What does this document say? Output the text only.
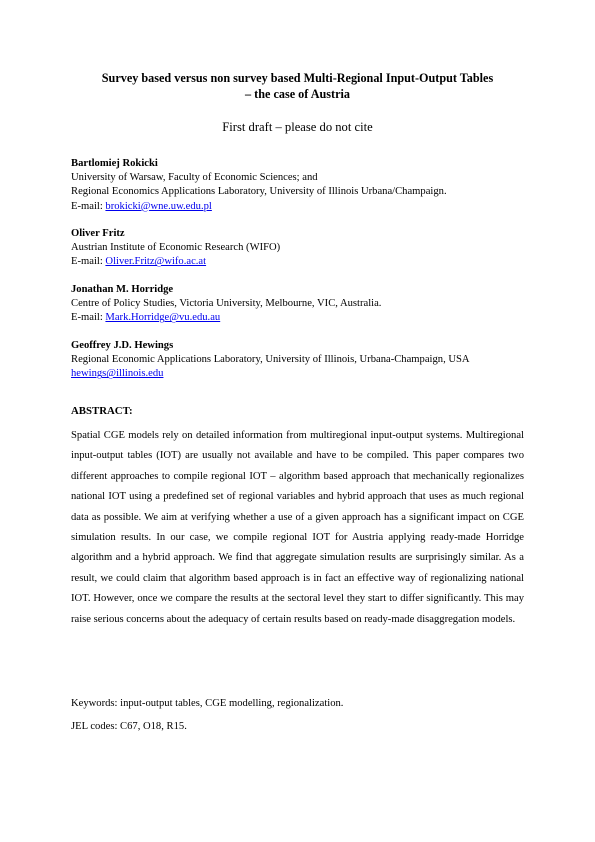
Survey based versus non survey based Multi-Regional Input-Output Tables
– the case of Austria
First draft – please do not cite
Bartlomiej Rokicki
University of Warsaw, Faculty of Economic Sciences; and
Regional Economics Applications Laboratory, University of Illinois Urbana/Champaign.
E-mail: brokicki@wne.uw.edu.pl
Oliver Fritz
Austrian Institute of Economic Research (WIFO)
E-mail: Oliver.Fritz@wifo.ac.at
Jonathan M. Horridge
Centre of Policy Studies, Victoria University, Melbourne, VIC, Australia.
E-mail: Mark.Horridge@vu.edu.au
Geoffrey J.D. Hewings
Regional Economic Applications Laboratory, University of Illinois, Urbana-Champaign, USA
hewings@illinois.edu
ABSTRACT:
Spatial CGE models rely on detailed information from multiregional input-output systems. Multiregional input-output tables (IOT) are usually not available and have to be compiled. This paper compares two different approaches to compile regional IOT – algorithm based approach that mechanically regionalizes national IOT using a predefined set of regional variables and hybrid approach that uses as much regional data as possible. We aim at verifying whether a use of a given approach has a significant impact on CGE simulation results. In our case, we compile regional IOT for Austria applying ready-made Horridge algorithm and a hybrid approach. We find that aggregate simulation results are surprisingly similar. As a result, we could claim that algorithm based approach is in fact an effective way of regionalizing national IOT. However, once we compare the results at the sectoral level they start to differ significantly. This may raise serious concerns about the adequacy of certain results based on ready-made disaggregation models.
Keywords: input-output tables, CGE modelling, regionalization.
JEL codes: C67, O18, R15.
